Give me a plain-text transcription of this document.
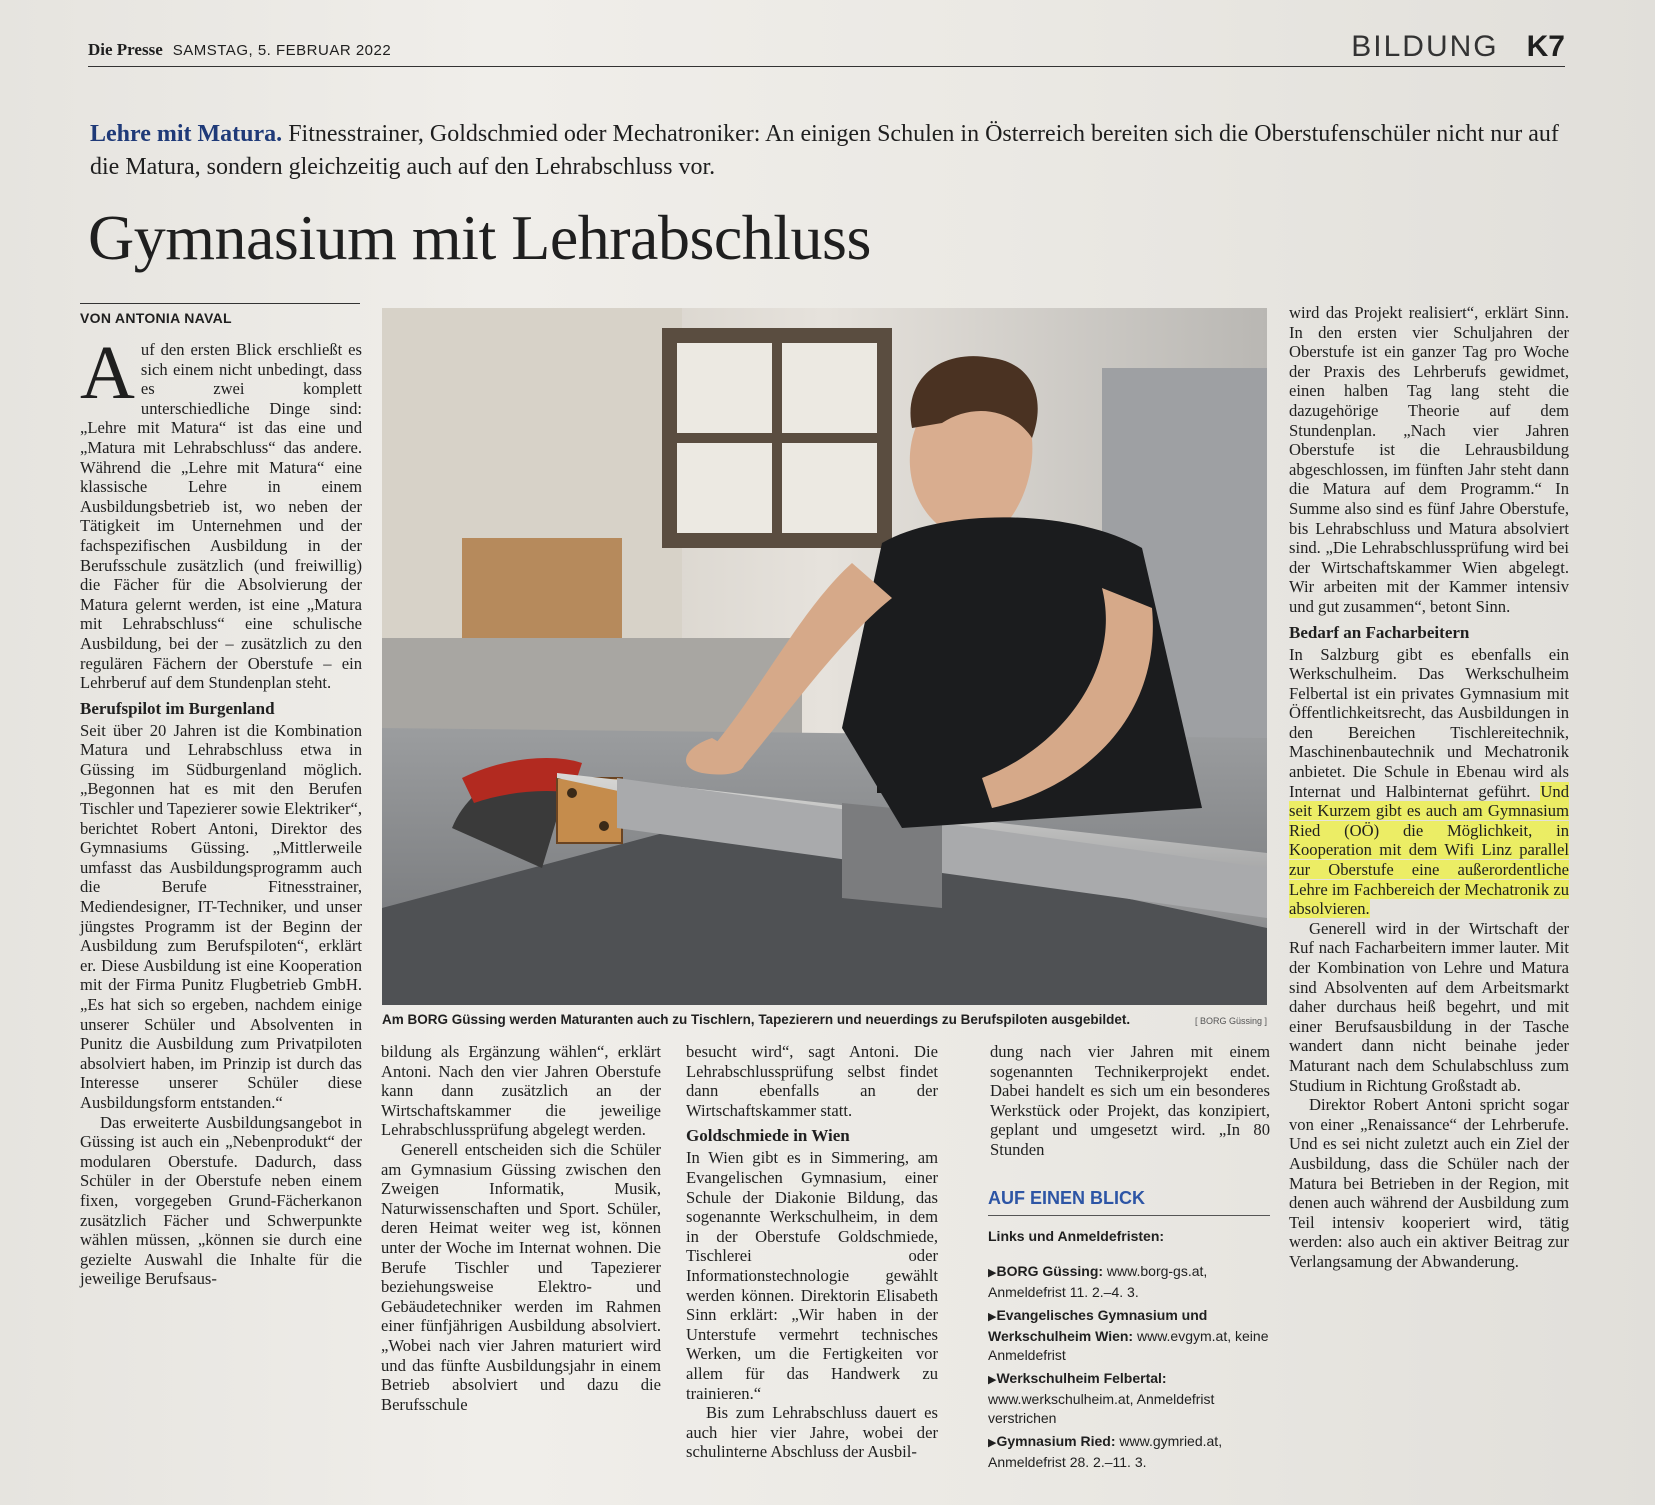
Die Presse SAMSTAG, 5. FEBRUAR 2022	BILDUNG K7
Lehre mit Matura. Fitnesstrainer, Goldschmied oder Mechatroniker: An einigen Schulen in Österreich bereiten sich die Oberstufenschüler nicht nur auf die Matura, sondern gleichzeitig auch auf den Lehrabschluss vor.
Gymnasium mit Lehrabschluss
VON ANTONIA NAVAL

Auf den ersten Blick erschließt es sich einem nicht unbedingt, dass es zwei komplett unterschiedliche Dinge sind: „Lehre mit Matura“ ist das eine und „Matura mit Lehrabschluss“ das andere. Während die „Lehre mit Matura“ eine klassische Lehre in einem Ausbildungsbetrieb ist, wo neben der Tätigkeit im Unternehmen und der fachspezifischen Ausbildung in der Berufsschule zusätzlich (und freiwillig) die Fächer für die Absolvierung der Matura gelernt werden, ist eine „Matura mit Lehrabschluss“ eine schulische Ausbildung, bei der – zusätzlich zu den regulären Fächern der Oberstufe – ein Lehrberuf auf dem Stundenplan steht.

Berufspilot im Burgenland

Seit über 20 Jahren ist die Kombination Matura und Lehrabschluss etwa in Güssing im Südburgenland möglich. „Begonnen hat es mit den Berufen Tischler und Tapezierer sowie Elektriker“, berichtet Robert Antoni, Direktor des Gymnasiums Güssing. „Mittlerweile umfasst das Ausbildungsprogramm auch die Berufe Fitnesstrainer, Mediendesigner, IT-Techniker, und unser jüngstes Programm ist der Beginn der Ausbildung zum Berufspiloten“, erklärt er. Diese Ausbildung ist eine Kooperation mit der Firma Punitz Flugbetrieb GmbH. „Es hat sich so ergeben, nachdem einige unserer Schüler und Absolventen in Punitz die Ausbildung zum Privatpiloten absolviert haben, im Prinzip ist durch das Interesse unserer Schüler diese Ausbildungsform entstanden.“

Das erweiterte Ausbildungsangebot in Güssing ist auch ein „Nebenprodukt“ der modularen Oberstufe. Dadurch, dass Schüler in der Oberstufe neben einem fixen, vorgegeben Grund-Fächerkanon zusätzlich Fächer und Schwerpunkte wählen müssen, „können sie durch eine gezielte Auswahl die Inhalte für die jeweilige Berufsaus-

Am BORG Güssing werden Maturanten auch zu Tischlern, Tapezierern und neuerdings zu Berufspiloten ausgebildet.	[ BORG Güssing ]

bildung als Ergänzung wählen“, erklärt Antoni. Nach den vier Jahren Oberstufe kann dann zusätzlich an der Wirtschaftskammer die jeweilige Lehrabschlussprüfung abgelegt werden.

Generell entscheiden sich die Schüler am Gymnasium Güssing zwischen den Zweigen Informatik, Musik, Naturwissenschaften und Sport. Schüler, deren Heimat weiter weg ist, können unter der Woche im Internat wohnen. Die Berufe Tischler und Tapezierer beziehungsweise Elektro- und Gebäudetechniker werden im Rahmen einer fünfjährigen Ausbildung absolviert. „Wobei nach vier Jahren maturiert wird und das fünfte Ausbildungsjahr in einem Betrieb absolviert und dazu die Berufsschule

besucht wird“, sagt Antoni. Die Lehrabschlussprüfung selbst findet dann ebenfalls an der Wirtschaftskammer statt.

Goldschmiede in Wien

In Wien gibt es in Simmering, am Evangelischen Gymnasium, einer Schule der Diakonie Bildung, das sogenannte Werkschulheim, in dem in der Oberstufe Goldschmiede, Tischlerei oder Informationstechnologie gewählt werden können. Direktorin Elisabeth Sinn erklärt: „Wir haben in der Unterstufe vermehrt technisches Werken, um die Fertigkeiten vor allem für das Handwerk zu trainieren.“

Bis zum Lehrabschluss dauert es auch hier vier Jahre, wobei der schulinterne Abschluss der Ausbil-

dung nach vier Jahren mit einem sogenannten Technikerprojekt endet. Dabei handelt es sich um ein besonderes Werkstück oder Projekt, das konzipiert, geplant und umgesetzt wird. „In 80 Stunden

AUF EINEN BLICK
Links und Anmeldefristen:
▶BORG Güssing: www.borg-gs.at, Anmeldefrist 11. 2.–4. 3.
▶Evangelisches Gymnasium und Werkschulheim Wien: www.evgym.at, keine Anmeldefrist
▶Werkschulheim Felbertal: www.werkschulheim.at, Anmeldefrist verstrichen
▶Gymnasium Ried: www.gymried.at, Anmeldefrist 28. 2.–11. 3.

wird das Projekt realisiert“, erklärt Sinn. In den ersten vier Schuljahren der Oberstufe ist ein ganzer Tag pro Woche der Praxis des Lehrberufs gewidmet, einen halben Tag lang steht die dazugehörige Theorie auf dem Stundenplan. „Nach vier Jahren Oberstufe ist die Lehrausbildung abgeschlossen, im fünften Jahr steht dann die Matura auf dem Programm.“ In Summe also sind es fünf Jahre Oberstufe, bis Lehrabschluss und Matura absolviert sind. „Die Lehrabschlussprüfung wird bei der Wirtschaftskammer Wien abgelegt. Wir arbeiten mit der Kammer intensiv und gut zusammen“, betont Sinn.

Bedarf an Facharbeitern

In Salzburg gibt es ebenfalls ein Werkschulheim. Das Werkschulheim Felbertal ist ein privates Gymnasium mit Öffentlichkeitsrecht, das Ausbildungen in den Bereichen Tischlereitechnik, Maschinenbautechnik und Mechatronik anbietet. Die Schule in Ebenau wird als Internat und Halbinternat geführt. Und seit Kurzem gibt es auch am Gymnasium Ried (OÖ) die Möglichkeit, in Kooperation mit dem Wifi Linz parallel zur Oberstufe eine außerordentliche Lehre im Fachbereich der Mechatronik zu absolvieren.

Generell wird in der Wirtschaft der Ruf nach Facharbeitern immer lauter. Mit der Kombination von Lehre und Matura sind Absolventen auf dem Arbeitsmarkt daher durchaus heiß begehrt, und mit einer Berufsausbildung in der Tasche wandert dann nicht beinahe jeder Maturant nach dem Schulabschluss zum Studium in Richtung Großstadt ab.

Direktor Robert Antoni spricht sogar von einer „Renaissance“ der Lehrberufe. Und es sei nicht zuletzt auch ein Ziel der Ausbildung, dass die Schüler nach der Matura bei Betrieben in der Region, mit denen auch während der Ausbildung zum Teil intensiv kooperiert wird, tätig werden: also auch ein aktiver Beitrag zur Verlangsamung der Abwanderung.
